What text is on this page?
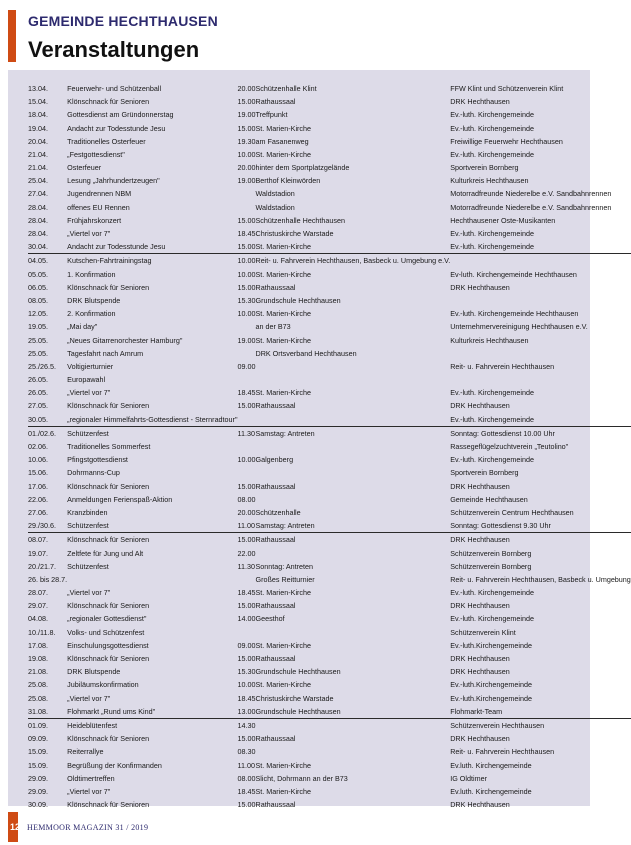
GEMEINDE HECHTHAUSEN
Veranstaltungen
13.04.	Feuerwehr- und Schützenball	20.00	Schützenhalle Klint	FFW Klint und Schützenverein Klint
15.04.	Klönschnack für Senioren	15.00	Rathaussaal	DRK Hechthausen
18.04.	Gottesdienst am Gründonnerstag	19.00	Treffpunkt	Ev.-luth. Kirchengemeinde
19.04.	Andacht zur Todesstunde Jesu	15.00	St. Marien-Kirche	Ev.-luth. Kirchengemeinde
20.04.	Traditionelles Osterfeuer	19.30	am Fasanenweg	Freiwillige Feuerwehr Hechthausen
21.04.	„Festgottesdienst"	10.00	St. Marien-Kirche	Ev.-luth. Kirchengemeinde
21.04.	Osterfeuer	20.00	hinter dem Sportplatzgelände	Sportverein Bornberg
25.04.	Lesung „Jahrhundertzeugen"	19.00	Berthof Kleinwörden	Kulturkreis Hechthausen
27.04.	Jugendrennen NBM		Waldstadion	Motorradfreunde Niederelbe e.V. Sandbahnrennen
28.04.	offenes EU Rennen		Waldstadion	Motorradfreunde Niederelbe e.V. Sandbahnrennen
28.04.	Frühjahrskonzert	15.00	Schützenhalle Hechthausen	Hechthausener Oste-Musikanten
28.04.	„Viertel vor 7"	18.45	Christuskirche Warstade	Ev.-luth. Kirchengemeinde
30.04.	Andacht zur Todesstunde Jesu	15.00	St. Marien-Kirche	Ev.-luth. Kirchengemeinde
04.05.	Kutschen-Fahrtrainingstag	10.00	Reit- u. Fahrverein Hechthausen, Basbeck u. Umgebung e.V.	
05.05.	1. Konfirmation	10.00	St. Marien-Kirche	Ev-luth. Kirchengemeinde Hechthausen
06.05.	Klönschnack für Senioren	15.00	Rathaussaal	DRK Hechthausen
08.05.	DRK Blutspende	15.30	Grundschule Hechthausen	
12.05.	2. Konfirmation	10.00	St. Marien-Kirche	Ev.-luth. Kirchengemeinde Hechthausen
19.05.	„Mai day"		an der B73	Unternehmervereinigung Hechthausen e.V.
25.05.	„Neues Gitarrenorchester Hamburg"	19.00	St. Marien-Kirche	Kulturkreis Hechthausen
25.05.	Tagesfahrt nach Amrum		DRK Ortsverband Hechthausen	
25./26.5.	Voltigierturnier	09.00		Reit- u. Fahrverein Hechthausen
26.05.	Europawahl			
26.05.	„Viertel vor 7"	18.45	St. Marien-Kirche	Ev.-luth. Kirchengemeinde
27.05.	Klönschnack für Senioren	15.00	Rathaussaal	DRK Hechthausen
30.05.	„regionaler Himmelfahrts-Gottesdienst - Sternradtour"			Ev.-luth. Kirchengemeinde
01./02.6.	Schützenfest	11.30	Samstag: Antreten	Sonntag: Gottesdienst 10.00 Uhr
02.06.	Traditionelles Sommerfest			Rassegeflügelzuchtverein „Teutolino"
10.06.	Pfingstgottesdienst	10.00	Galgenberg	Ev.-luth. Kirchengemeinde
15.06.	Dohrmanns-Cup			Sportverein Bornberg
17.06.	Klönschnack für Senioren	15.00	Rathaussaal	DRK Hechthausen
22.06.	Anmeldungen Ferienspaß-Aktion	08.00		Gemeinde Hechthausen
27.06.	Kranzbinden	20.00	Schützenhalle	Schützenverein Centrum Hechthausen
29./30.6.	Schützenfest	11.00	Samstag: Antreten	Sonntag: Gottesdienst 9.30 Uhr
08.07.	Klönschnack für Senioren	15.00	Rathaussaal	DRK Hechthausen
19.07.	Zeltfete für Jung und Alt	22.00		Schützenverein Bornberg
20./21.7.	Schützenfest	11.30	Sonntag: Antreten	Schützenverein Bornberg
26. bis 28.7.			Großes Reitturnier	Reit- u. Fahrverein Hechthausen, Basbeck u. Umgebung
28.07.	„Viertel vor 7"	18.45	St. Marien-Kirche	Ev.-luth. Kirchengemeinde
29.07.	Klönschnack für Senioren	15.00	Rathaussaal	DRK Hechthausen
04.08.	„regionaler Gottesdienst"	14.00	Geesthof	Ev.-luth. Kirchengemeinde
10./11.8.	Volks- und Schützenfest			Schützenverein Klint
17.08.	Einschulungsgottesdienst	09.00	St. Marien-Kirche	Ev.-luth.Kirchengemeinde
19.08.	Klönschnack für Senioren	15.00	Rathaussaal	DRK Hechthausen
21.08.	DRK Blutspende	15.30	Grundschule Hechthausen	DRK Hechthausen
25.08.	Jubiläumskonfirmation	10.00	St. Marien-Kirche	Ev.-luth.Kirchengemeinde
25.08.	„Viertel vor 7"	18.45	Christuskirche Warstade	Ev.-luth.Kirchengemeinde
31.08.	Flohmarkt „Rund ums Kind"	13.00	Grundschule Hechthausen	Flohmarkt-Team
01.09.	Heideblütenfest	14.30		Schützenverein Hechthausen
09.09.	Klönschnack für Senioren	15.00	Rathaussaal	DRK Hechthausen
15.09.	Reiterrallye	08.30		Reit- u. Fahrverein Hechthausen
15.09.	Begrüßung der Konfirmanden	11.00	St. Marien-Kirche	Ev.luth. Kirchengemeinde
29.09.	Oldtimertreffen	08.00	Slicht, Dohrmann an der B73	IG Oldtimer
29.09.	„Viertel vor 7"	18.45	St. Marien-Kirche	Ev.luth. Kirchengemeinde
30.09.	Klönschnack für Senioren	15.00	Rathaussaal	DRK Hechthausen
12 HEMMOOR MAGAZIN 31 / 2019
